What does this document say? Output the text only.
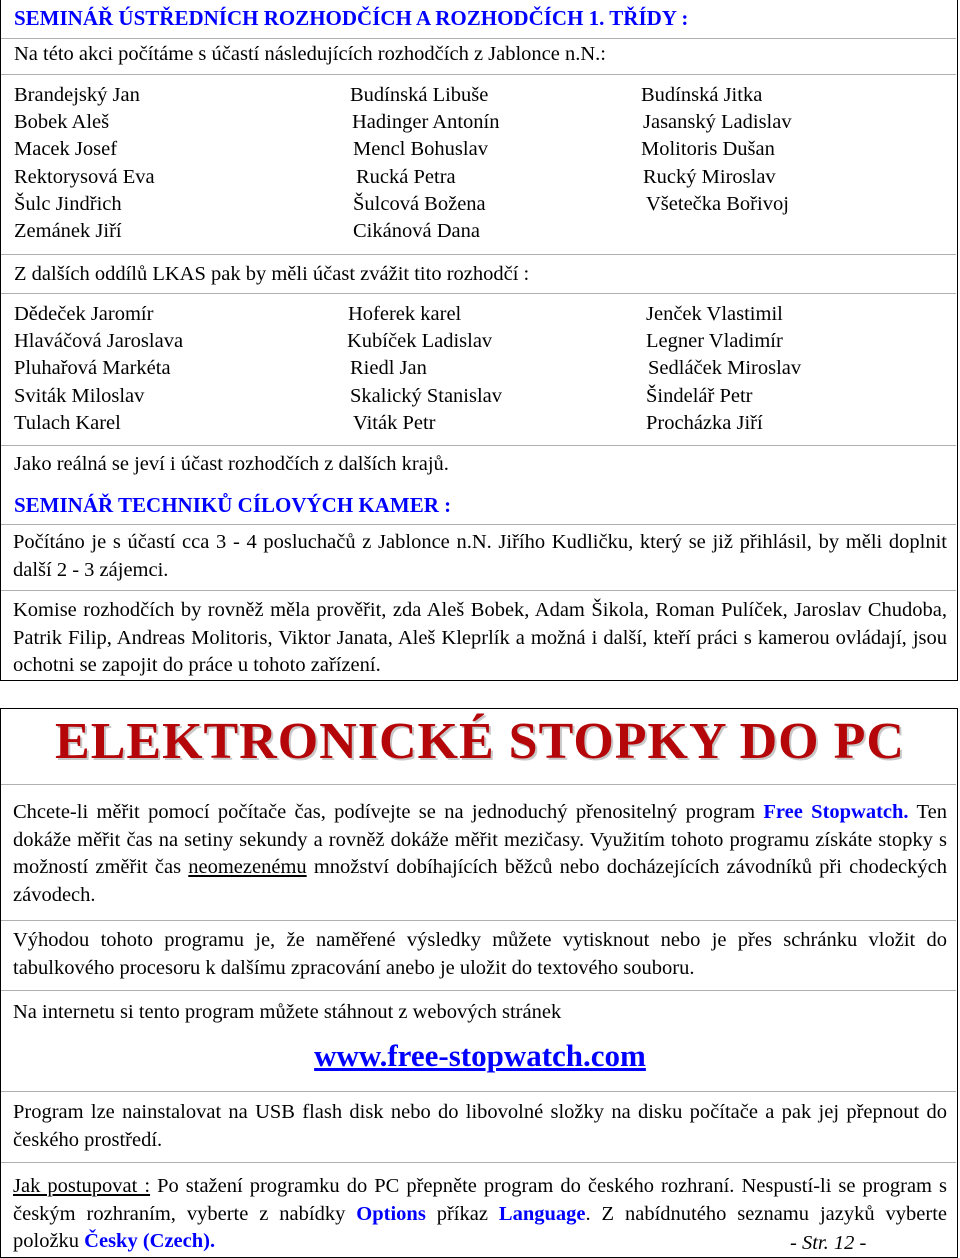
SEMINÁŘ ÚSTŘEDNÍCH ROZHODČÍCH A ROZHODČÍCH 1. TŘÍDY :
Na této akci počítáme s účastí následujících rozhodčích z Jablonce n.N.:
Brandejský Jan	Budínská Libuše	Budínská Jitka
Bobek Aleš	Hadinger Antonín	Jasanský Ladislav
Macek Josef	Mencl Bohuslav	Molitoris Dušan
Rektorysová Eva	Rucká Petra	Rucký Miroslav
Šulc Jindřich	Šulcová Božena	Všetečka Bořivoj
Zemánek Jiří	Cikánová Dana
Z dalších oddílů LKAS pak by měli účast zvážit tito rozhodčí :
Dědeček Jaromír	Hoferek karel	Jenček Vlastimil
Hlaváčová Jaroslava	Kubíček Ladislav	Legner Vladimír
Pluhařová Markéta	Riedl Jan	Sedláček Miroslav
Sviták Miloslav	Skalický Stanislav	Šindelář Petr
Tulach Karel	Viták Petr	Procházka Jiří
Jako reálná se jeví i účast rozhodčích z dalších krajů.
SEMINÁŘ TECHNIKŮ CÍLOVÝCH KAMER :
Počítáno je s účastí cca 3 - 4 posluchačů z Jablonce n.N. Jiřího Kudličku, který se již přihlásil, by měli doplnit další 2 - 3 zájemci.
Komise rozhodčích by rovněž měla prověřit, zda Aleš Bobek, Adam Šikola, Roman Pulíček, Jaroslav Chudoba, Patrik Filip, Andreas Molitoris, Viktor Janata, Aleš Kleprlík a možná i další, kteří práci s kamerou ovládají, jsou ochotni se zapojit do práce u tohoto zařízení.
ELEKTRONICKÉ STOPKY DO PC
Chcete-li měřit pomocí počítače čas, podívejte se na jednoduchý přenositelný program Free Stopwatch. Ten dokáže měřit čas na setiny sekundy a rovněž dokáže měřit mezičasy. Využitím tohoto programu získáte stopky s možností změřit čas neomezenému množství dobíhajících běžců nebo docházejících závodníků při chodeckých závodech.
Výhodou tohoto programu je, že naměřené výsledky můžete vytisknout nebo je přes schránku vložit do tabulkového procesoru k dalšímu zpracování anebo je uložit do textového souboru.
Na internetu si tento program můžete stáhnout z webových stránek
www.free-stopwatch.com
Program lze nainstalovat na USB flash disk nebo do libovolné složky na disku počítače a pak jej přepnout do českého prostředí.
Jak postupovat : Po stažení programku do PC přepněte program do českého rozhraní. Nespustí-li se program s českým rozhraním, vyberte z nabídky Options příkaz Language. Z nabídnutého seznamu jazyků vyberte položku Česky (Czech).	- Str. 12 -
